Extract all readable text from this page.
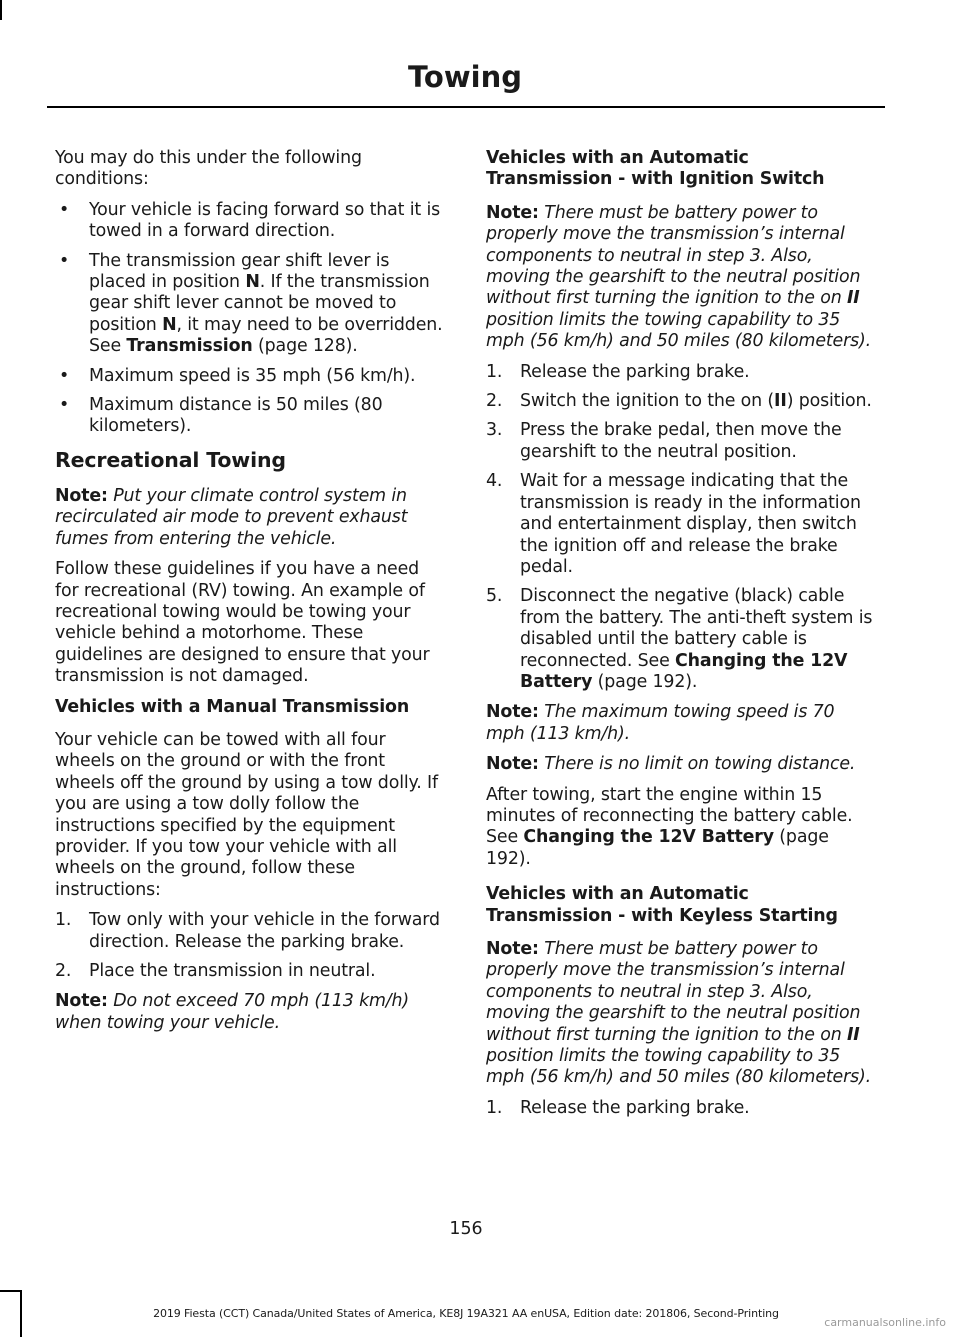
Towing

You may do this under the following conditions:

• Your vehicle is facing forward so that it is towed in a forward direction.
• The transmission gear shift lever is placed in position N. If the transmission gear shift lever cannot be moved to position N, it may need to be overridden. See Transmission (page 128).
• Maximum speed is 35 mph (56 km/h).
• Maximum distance is 50 miles (80 kilometers).
Recreational Towing

Note: Put your climate control system in recirculated air mode to prevent exhaust fumes from entering the vehicle.

Follow these guidelines if you have a need for recreational (RV) towing. An example of recreational towing would be towing your vehicle behind a motorhome. These guidelines are designed to ensure that your transmission is not damaged.

Vehicles with a Manual Transmission

Your vehicle can be towed with all four wheels on the ground or with the front wheels off the ground by using a tow dolly. If you are using a tow dolly follow the instructions specified by the equipment provider. If you tow your vehicle with all wheels on the ground, follow these instructions:

1. Tow only with your vehicle in the forward direction. Release the parking brake.
2. Place the transmission in neutral.

Note: Do not exceed 70 mph (113 km/h) when towing your vehicle.

Vehicles with an Automatic Transmission - with Ignition Switch

Note: There must be battery power to properly move the transmission’s internal components to neutral in step 3. Also, moving the gearshift to the neutral position without first turning the ignition to the on II position limits the towing capability to 35 mph (56 km/h) and 50 miles (80 kilometers).

1. Release the parking brake.
2. Switch the ignition to the on (II) position.
3. Press the brake pedal, then move the gearshift to the neutral position.
4. Wait for a message indicating that the transmission is ready in the information and entertainment display, then switch the ignition off and release the brake pedal.
5. Disconnect the negative (black) cable from the battery. The anti-theft system is disabled until the battery cable is reconnected. See Changing the 12V Battery (page 192).

Note: The maximum towing speed is 70 mph (113 km/h).

Note: There is no limit on towing distance.

After towing, start the engine within 15 minutes of reconnecting the battery cable. See Changing the 12V Battery (page 192).

Vehicles with an Automatic Transmission - with Keyless Starting

Note: There must be battery power to properly move the transmission’s internal components to neutral in step 3. Also, moving the gearshift to the neutral position without first turning the ignition to the on II position limits the towing capability to 35 mph (56 km/h) and 50 miles (80 kilometers).

1. Release the parking brake.
156
2019 Fiesta (CCT) Canada/United States of America, KE8J 19A321 AA enUSA, Edition date: 201806, Second-Printing
carmanualsonline.info
